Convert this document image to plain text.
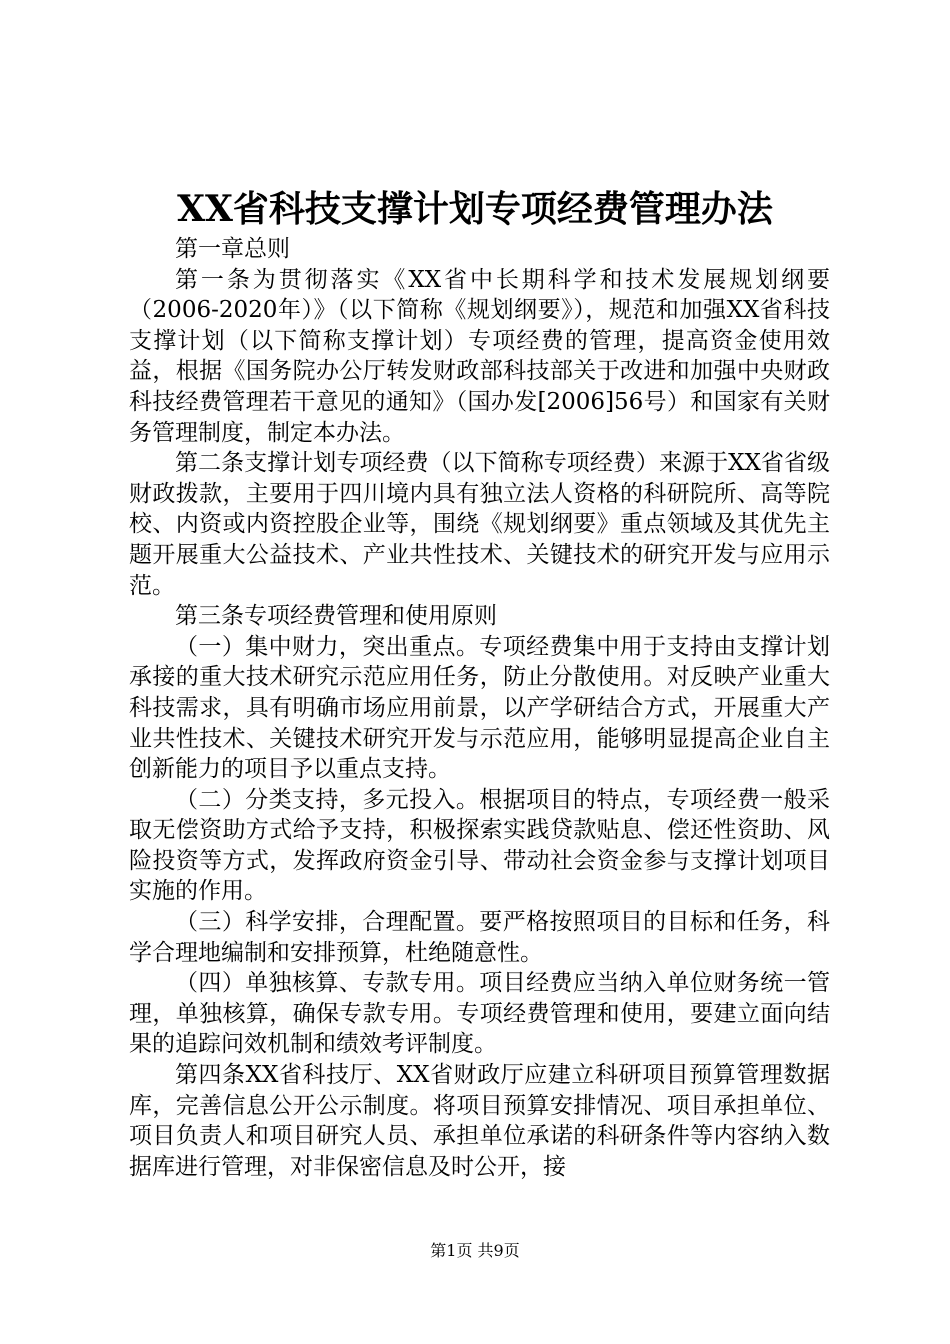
XX省科技支撑计划专项经费管理办法

第一章总则

第一条为贯彻落实《XX省中长期科学和技术发展规划纲要（2006-2020年）》（以下简称《规划纲要》），规范和加强XX省科技支撑计划（以下简称支撑计划）专项经费的管理，提高资金使用效益，根据《国务院办公厅转发财政部科技部关于改进和加强中央财政科技经费管理若干意见的通知》（国办发[2006]56号）和国家有关财务管理制度，制定本办法。

第二条支撑计划专项经费（以下简称专项经费）来源于XX省省级财政拨款，主要用于四川境内具有独立法人资格的科研院所、高等院校、内资或内资控股企业等，围绕《规划纲要》重点领域及其优先主题开展重大公益技术、产业共性技术、关键技术的研究开发与应用示范。

第三条专项经费管理和使用原则

（一）集中财力，突出重点。专项经费集中用于支持由支撑计划承接的重大技术研究示范应用任务，防止分散使用。对反映产业重大科技需求，具有明确市场应用前景，以产学研结合方式，开展重大产业共性技术、关键技术研究开发与示范应用，能够明显提高企业自主创新能力的项目予以重点支持。

（二）分类支持，多元投入。根据项目的特点，专项经费一般采取无偿资助方式给予支持，积极探索实践贷款贴息、偿还性资助、风险投资等方式，发挥政府资金引导、带动社会资金参与支撑计划项目实施的作用。

（三）科学安排，合理配置。要严格按照项目的目标和任务，科学合理地编制和安排预算，杜绝随意性。

（四）单独核算、专款专用。项目经费应当纳入单位财务统一管理，单独核算，确保专款专用。专项经费管理和使用，要建立面向结果的追踪问效机制和绩效考评制度。

第四条XX省科技厅、XX省财政厅应建立科研项目预算管理数据库，完善信息公开公示制度。将项目预算安排情况、项目承担单位、项目负责人和项目研究人员、承担单位承诺的科研条件等内容纳入数据库进行管理，对非保密信息及时公开，接

第1页 共9页
